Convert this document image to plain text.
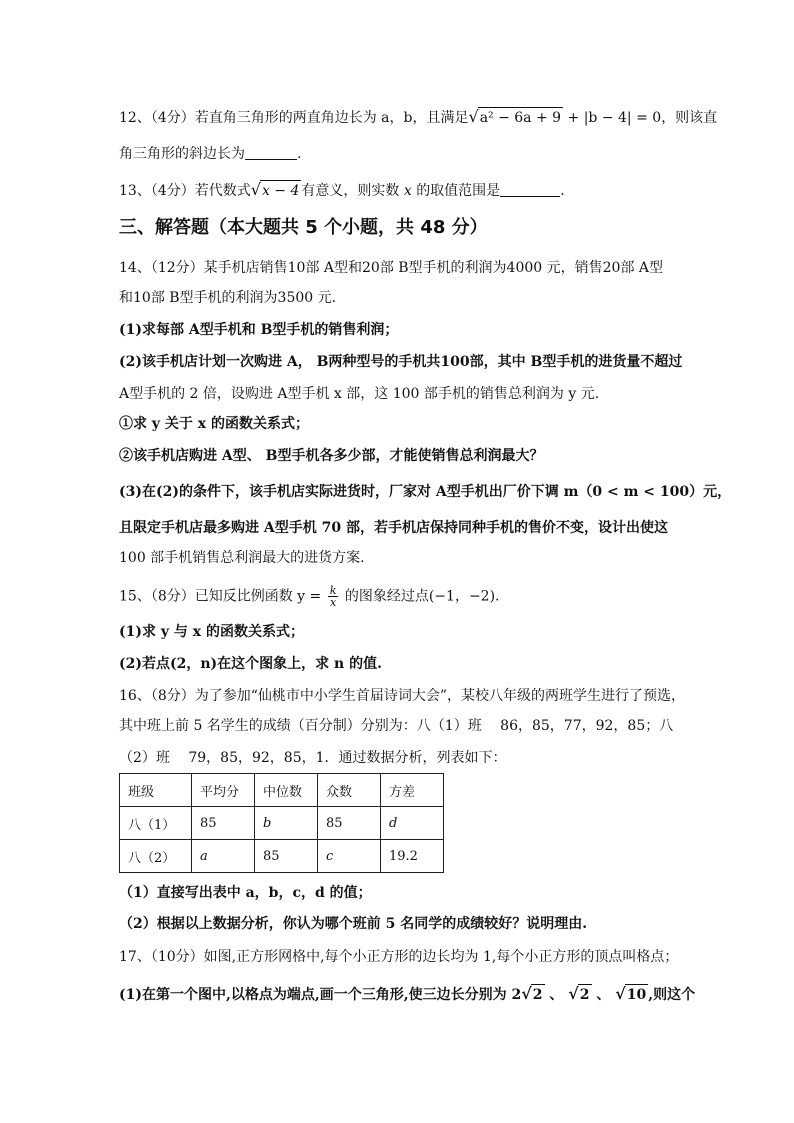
12、（4分）若直角三角形的两直角边长为 a，b，且满足√a² − 6a + 9 + |b − 4| = 0，则该直
角三角形的斜边长为	.
13、（4分）若代数式√x − 4 有意义，则实数 x 的取值范围是	.
三、解答题（本大题共 5 个小题，共 48 分）
14、（12分）某手机店销售10部 A型和20部 B型手机的利润为4000 元，销售20部 A型
和10部 B型手机的利润为3500 元.
(1)求每部 A型手机和 B型手机的销售利润；
(2)该手机店计划一次购进 A， B两种型号的手机共100部，其中 B型手机的进货量不超过
A型手机的 2 倍，设购进 A型手机 x 部，这 100 部手机的销售总利润为 y 元.
①求 y 关于 x 的函数关系式；
②该手机店购进 A型、 B型手机各多少部，才能使销售总利润最大？
(3)在(2)的条件下，该手机店实际进货时，厂家对 A型手机出厂价下调 m（0 < m < 100）元，
且限定手机店最多购进 A型手机 70 部，若手机店保持同种手机的售价不变，设计出使这
100 部手机销售总利润最大的进货方案.
15、（8分）已知反比例函数 $y = \frac{k}{x}$ 的图象经过点(−1，−2).
(1)求 y 与 x 的函数关系式；
(2)若点(2，n)在这个图象上，求 n 的值.
16、（8分）为了参加“仙桃市中小学生首届诗词大会”，某校八年级的两班学生进行了预选，
其中班上前 5 名学生的成绩（百分制）分别为：八（1）班　 86，85，77，92，85；八
（2）班　 79，85，92，85，1．通过数据分析，列表如下：
班级	平均分	中位数	众数	方差
八（1）	85	b	85	d
八（2）	a	85	c	19.2
（1）直接写出表中 a，b，c，d 的值；
（2）根据以上数据分析，你认为哪个班前 5 名同学的成绩较好？说明理由.
17、（10分）如图,正方形网格中,每个小正方形的边长均为 1,每个小正方形的顶点叫格点；
(1)在第一个图中,以格点为端点,画一个三角形,使三边长分别为 2√2 、 √2 、 √10 ,则这个
